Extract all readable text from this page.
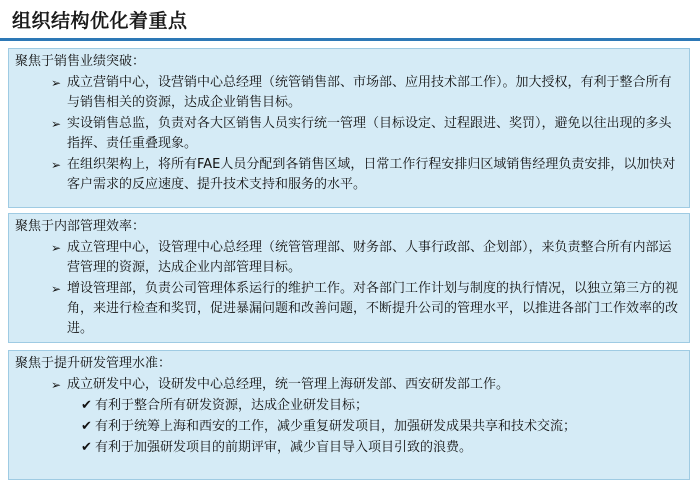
组织结构优化着重点
聚焦于销售业绩突破：
➢ 成立营销中心，设营销中心总经理（统管销售部、市场部、应用技术部工作）。加大授权，有利于整合所有与销售相关的资源，达成企业销售目标。
➢ 实设销售总监，负责对各大区销售人员实行统一管理（目标设定、过程跟进、奖罚），避免以往出现的多头指挥、责任重叠现象。
➢ 在组织架构上，将所有FAE人员分配到各销售区域，日常工作行程安排归区域销售经理负责安排，以加快对客户需求的反应速度、提升技术支持和服务的水平。
聚焦于内部管理效率：
➢ 成立管理中心，设管理中心总经理（统管管理部、财务部、人事行政部、企划部），来负责整合所有内部运营管理的资源，达成企业内部管理目标。
➢ 增设管理部，负责公司管理体系运行的维护工作。对各部门工作计划与制度的执行情况，以独立第三方的视角，来进行检查和奖罚，促进暴漏问题和改善问题，不断提升公司的管理水平，以推进各部门工作效率的改进。
聚焦于提升研发管理水准：
➢ 成立研发中心，设研发中心总经理，统一管理上海研发部、西安研发部工作。
✔ 有利于整合所有研发资源，达成企业研发目标；
✔ 有利于统筹上海和西安的工作，减少重复研发项目，加强研发成果共享和技术交流；
✔ 有利于加强研发项目的前期评审，减少盲目导入项目引致的浪费。
